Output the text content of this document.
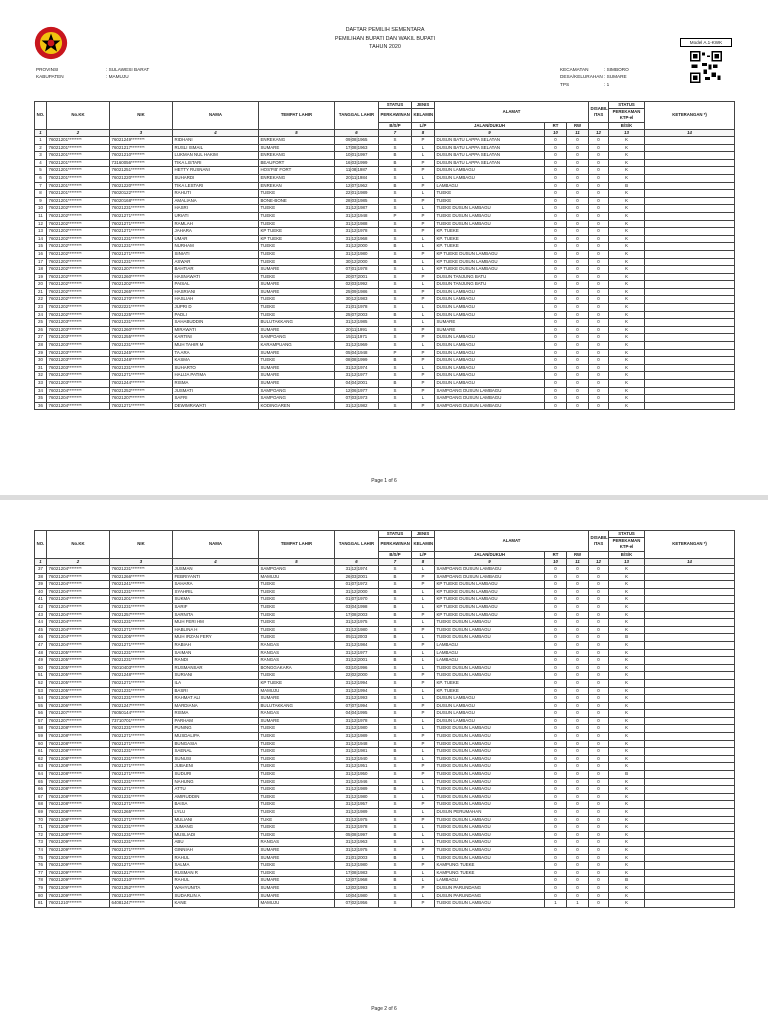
DAFTAR PEMILIH SEMENTARA
PEMILIHAN BUPATI DAN WAKIL BUPATI
TAHUN 2020
Model A.1-KWK
PROVINSI	: SULAWESI BARAT
KABUPATEN	: MAMUJU
KECAMATAN	: SIMBORO
DESA/KELURAHAN: SUMARE
TPS	: 1
NO.	No.KK	NIK	NAMA	TEMPAT LAHIR	TANGGAL LAHIR	STATUS	JENIS	ALAMAT			DISABIL
ITAS	STATUS	KETERANGAN *)
						PERKAWINAN	KELAMIN					PEREKAMAN
KTP-el	
						B/S/P	L/P	JALAN/DUKUH	RT	RW		B/S/K	
1	2	3	4	5	6	7	8	9	10	11	12	13	14
1	76021201********	76021249********	RIDHANI	ENREKANG	09|08|1965	S	P	DUSUN BATU LAPPA SELATAN	0	0	0	K	
2	76021201********	76021217********	RUSLI ISMAIL	SUMARE	17|08|1963	S	L	DUSUN BATU LAPPA SELATAN	0	0	0	K	
3	76021201********	76021210********	LUKMAN NUL HAKIM	ENREKANG	10|01|1997	B	L	DUSUN BATU LAPPA SELATAN	0	0	0	K	
4	76021201********	73160056********	TIKA LISTARI	BEAUFORT	16|03|1999	B	P	DUSUN BATU LAPPA SELATAN	0	0	0	K	
5	76021201********	76021251********	HETTY RUSNANI	HOS'P.B' FORT	11|08|1987	S	P	DUSUN LAMBAGU	0	0	0	K	
6	76021201********	76021220********	SUHARDI	ENREKANG	20|11|1984	S	L	DUSUN LAMBAGU	0	0	0	K	
7	76021201********	76021220********	TIKA LESTARI	ENREKAN	12|07|1962	B	P	LAMBAGU	0	0	0	B	
8	76021201********	76020122********	RAHUTI	TUEKE	22|01|1989	S	L	TUEKE	0	0	0	K	
9	76021201********	76020168********	AMALIANA	BONE-BONE	28|03|1985	S	P	TUEKE	0	0	0	K	
10	76021202********	76021231********	HASRI	TUEKE	31|12|1987	S	L	TUEKE DUSUN LAMBAGU	0	0	0	K	
11	76021202********	76021271********	URIATI	TUEKE	31|12|1948	P	P	TUEKE DUSUN LAMBAGU	0	0	0	K	
12	76021202********	76021271********	RAMLAH	TUEKE	31|12|1988	S	P	TUEKE DUSUN LAMBAGU	0	0	0	K	
13	76021202********	76021271********	JAHARA	KP TUEKE	31|12|1978	S	P	KP. TUEKE	0	0	0	K	
14	76021202********	76021231********	UMAR	KP TUEKE	31|12|1968	S	L	KP. TUEKE	0	0	0	K	
15	76021202********	76021231********	NURHAM	TUEKE	31|12|2000	B	L	KP. TUEKE	0	0	0	K	
16	76021202********	76021271********	SINIATI	TUEKE	31|12|1980	S	P	KP TUEKE DUSUN LAMBAGU	0	0	0	K	
17	76021202********	76021231********	ASWAR	TUEKE	30|12|2000	B	L	KP TUEKE DUSUN LAMBAGU	0	0	0	K	
18	76021202********	76021207********	BAHTIAR	SUMARE	07|01|1978	S	L	KP TUEKE DUSUN LAMBAGU	0	0	0	K	
19	76021202********	76021260********	HASNAWATI	TUEKE	20|07|2001	S	P	DUSUN TANJUNG BATU	0	0	0	K	
20	76021202********	76021202********	PAISAL	SUMARE	02|03|1992	S	L	DUSUN TANJUNG BATU	0	0	0	K	
21	76021202********	76021265********	HASRIANI	SUMARE	25|09|1986	S	P	DUSUN LAMBAGU	0	0	0	K	
22	76021202********	76021270********	HASLIAH	TUEKE	30|12|1983	S	P	DUSUN LAMBAGU	0	0	0	K	
23	76021202********	76022221********	JUPRI D	TUEKE	21|01|1978	S	L	DUSUN LAMBAGU	0	0	0	K	
24	76021202********	76021225********	PADLI	TUEKE	25|07|2003	B	L	DUSUN LAMBAGU	0	0	0	K	
25	76021203********	76021231********	SAHABUDDIN	BULUTAKKANG	31|12|1985	S	L	SUMARE	0	0	0	K	
26	76021203********	76021260********	MIRAWATI	SUMARE	20|11|1991	S	P	SUMARE	0	0	0	K	
27	76021203********	76021255********	KARTINI	SAMPOANG	15|11|1971	S	P	DUSUN LAMBAGU	0	0	0	K	
28	76021203********	76021231********	MUH TAHIR M	KARAMPUANG	31|12|1969	S	L	DUSUN LAMBAGU	0	0	0	K	
29	76021203********	76021245********	TA ARA	SUMARE	05|04|1948	P	P	DUSUN LAMBAGU	0	0	0	K	
30	76021203********	76021248********	KASMA	TUEKE	08|08|1999	B	P	DUSUN LAMBAGU	0	0	0	K	
31	76021203********	76021231********	SUHARTO	SUMARE	31|12|1974	S	L	DUSUN LAMBAGU	0	0	0	K	
32	76021203********	76021271********	HALIJA PATIMA	SUMARE	31|12|1977	S	P	DUSUN LAMBAGU	0	0	0	K	
33	76021203********	76021244********	RISMA	SUMARE	04|04|2001	B	P	DUSUN LAMBAGU	0	0	0	K	
34	76021204********	76021252********	JUSMATI	SAMPOANG	12|06|1977	S	P	SAMPOANG DUSUN LAMBAGU	0	0	0	K	
35	76021204********	76021207********	SAFRI	SAMPOANG	07|03|1973	S	L	SAMPOANG DUSUN LAMBAGU	0	0	0	K	
36	76021204********	76021271********	DEWIMRAWATI	KODINGAREN	31|12|1982	S	P	SAMPOANG DUSUN LAMBAGU	0	0	0	K	
Page 1 of 6
NO.	No.KK	NIK	NAMA	TEMPAT LAHIR	TANGGAL LAHIR	STATUS	JENIS	ALAMAT			DISABIL
ITAS	STATUS	KETERANGAN *)
						PERKAWINAN	KELAMIN					PEREKAMAN
KTP-el	
						B/S/P	L/P	JALAN/DUKUH	RT	RW		B/S/K	
1	2	3	4	5	6	7	8	9	10	11	12	13	14
37	76021204********	76021231********	JUSMAN	SAMPOANG	31|12|1974	S	L	SAMPOANG DUSUN LAMBAGU	0	0	0	K	
38	76021204********	76021266********	FEBRIYANTI	MAMUJU	26|03|2001	B	P	SAMPOANG DUSUN LAMBAGU	0	0	0	K	
39	76021204********	76021241********	SAHARA	TUEKE	01|07|1972	S	P	KP TUEKE DUSUN LAMBAGU	0	0	0	K	
40	76021204********	76021231********	SYAHRIL	TUEKE	31|12|2000	B	L	KP TUEKE DUSUN LAMBAGU	0	0	0	K	
41	76021204********	76021201********	SUKMA	TUEKE	01|07|1970	S	L	KP TUEKE DUSUN LAMBAGU	0	0	0	K	
42	76021204********	76021231********	SARIF	TUEKE	03|04|1998	B	L	KP TUEKE DUSUN LAMBAGU	0	0	0	K	
43	76021204********	76021257********	SARNITA	TUEKE	17|08|2003	B	P	KP TUEKE DUSUN LAMBAGU	0	0	0	K	
44	76021204********	76021231********	MUH FERI HM	TUEKE	31|12|1975	S	L	TUEKE DUSUN LAMBAGU	0	0	0	K	
45	76021204********	76021271********	HABLINA H	TUEKE	31|12|1980	S	P	TUEKE DUSUN LAMBAGU	0	0	0	K	
46	76021204********	76021205********	MUH IRZAN FERY	TUEKE	05|11|2003	B	L	TUEKE DUSUN LAMBAGU	0	0	0	B	
47	76021204********	76021271********	RABIAH	RANGAS	31|12|1984	S	P	LAMBAGU	0	0	0	K	
48	76021205********	76021231********	SAIMAN	RANGAS	31|12|1977	S	L	LAMBAGU	0	0	0	K	
49	76021205********	76021231********	RANDI	RANGAS	31|12|2001	B	L	LAMBAGU	0	0	0	K	
50	76021205********	76010403********	RUSMANSAR	BONGGAKARA	03|10|1996	S	L	TUEKE DUSUN LAMBAGU	0	0	0	K	
51	76021205********	76021248********	SURIANI	TUEKE	22|02|2000	S	P	TUEKE DUSUN LAMBAGU	0	0	0	K	
52	76021205********	76021271********	ILA	KP TUEKE	31|12|1994	S	P	KP. TUEKE	0	0	0	K	
53	76021205********	76021231********	BASRI	MAMUJU	31|12|1994	S	L	KP. TUEKE	0	0	0	K	
54	76021206********	76021231********	RAHMAT ALI	SUMARE	31|12|1993	S	L	DUSUN LAMBAGU	0	0	0	K	
55	76021206********	76021247********	MARDIANA	BULUTAKKANG	07|07|1994	S	P	DUSUN LAMBAGU	0	0	0	K	
56	76021207********	76050144********	RISMA	RANGAS	04|04|1995	S	P	DUSUN LAMBAGU	0	0	0	K	
57	76021207********	73710701********	PARHAM	SUMARE	31|12|1978	S	L	DUSUN LAMBAGU	0	0	0	K	
58	76021208********	76021231********	PUNING	TUEKE	31|12|1980	S	L	TUEKE DUSUN LAMBAGU	0	0	0	K	
59	76021208********	76021271********	MUSDALIPA	TUEKE	31|12|1989	S	P	TUEKE DUSUN LAMBAGU	0	0	0	K	
60	76021208********	76021271********	BUNGASIA	TUEKE	31|12|1948	S	P	TUEKE DUSUN LAMBAGU	0	0	0	K	
61	76021208********	76021231********	SAENAL	TUEKE	31|12|1981	B	L	TUEKE DUSUN LAMBAGU	0	0	0	K	
62	76021208********	76021231********	SUNUSI	TUEKE	31|12|1940	S	L	TUEKE DUSUN LAMBAGU	0	0	0	K	
63	76021208********	76021271********	JUBAENI	TUEKE	31|12|1951	S	P	TUEKE DUSUN LAMBAGU	0	0	0	K	
64	76021208********	76021271********	SUDURI	TUEKE	31|12|1950	S	P	TUEKE DUSUN LAMBAGU	0	0	0	B	
65	76021208********	76021231********	NAHUNG	TUEKE	31|12|1946	S	L	TUEKE DUSUN LAMBAGU	0	0	0	K	
66	76021208********	76021271********	ATTU	TUEKE	31|12|1989	B	L	TUEKE DUSUN LAMBAGU	0	0	0	K	
67	76021208********	76021231********	AMIRUDDIN	TUEKE	31|12|1980	S	L	TUEKE DUSUN LAMBAGU	0	0	0	K	
68	76021208********	76021271********	BAISA	TUEKE	31|12|1957	S	P	TUEKE DUSUN LAMBAGU	0	0	0	K	
69	76021208********	76021265********	LYLU	TUEKE	31|12|1989	S	L	DUSUN PERUMAHAN	0	0	0	K	
70	76021208********	76021271********	MULIANI	TUKE	31|12|1975	S	P	TUEKE DUSUN LAMBAGU	0	0	0	K	
71	76021208********	76021231********	JUMANG	TUEKE	31|12|1978	S	L	TUEKE DUSUN LAMBAGU	0	0	0	K	
72	76021208********	76021231********	MUSLIADI	TUEKE	05|08|1997	B	L	TUEKE DUSUN LAMBAGU	0	0	0	K	
73	76021209********	76021231********	ABU	RANGAS	31|12|1963	S	L	TUEKE DUSUN LAMBAGU	0	0	0	K	
74	76021209********	76021271********	GINNIAH	SUMARE	31|12|1975	S	P	TUEKE DUSUN LAMBAGU	0	0	0	K	
75	76021209********	76021221********	RAHUL	SUMARE	21|01|2003	B	L	TUEKE DUSUN LAMBAGU	0	0	0	K	
76	76021209********	76021271********	SALMA	TUEKE	31|12|1980	S	P	KAMPUNG TUEKE	0	0	0	K	
77	76021209********	76021217********	RUSMAN R	TUEKE	17|08|1983	S	L	KAMPUNG TUEKE	0	0	0	K	
78	76021209********	76021210********	RAHUL	SUMARE	12|07|1968	B	L	LAMBAGU	0	0	0	B	
79	76021209********	76021252********	WAHYUNITA	SUMARE	12|02|1993	S	P	DUSUN PARUNDANG	0	0	0	K	
80	76021209********	76021210********	SUDARLIN A	SUMARE	10|04|1980	S	L	DUSUN PARUNDANG	0	0	0	K	
81	76021210********	64081247********	KANE	MAMUJU	07|02|1956	S	P	TUEKE DUSUN LAMBAGU	1	1	0	K	
Page 2 of 6
